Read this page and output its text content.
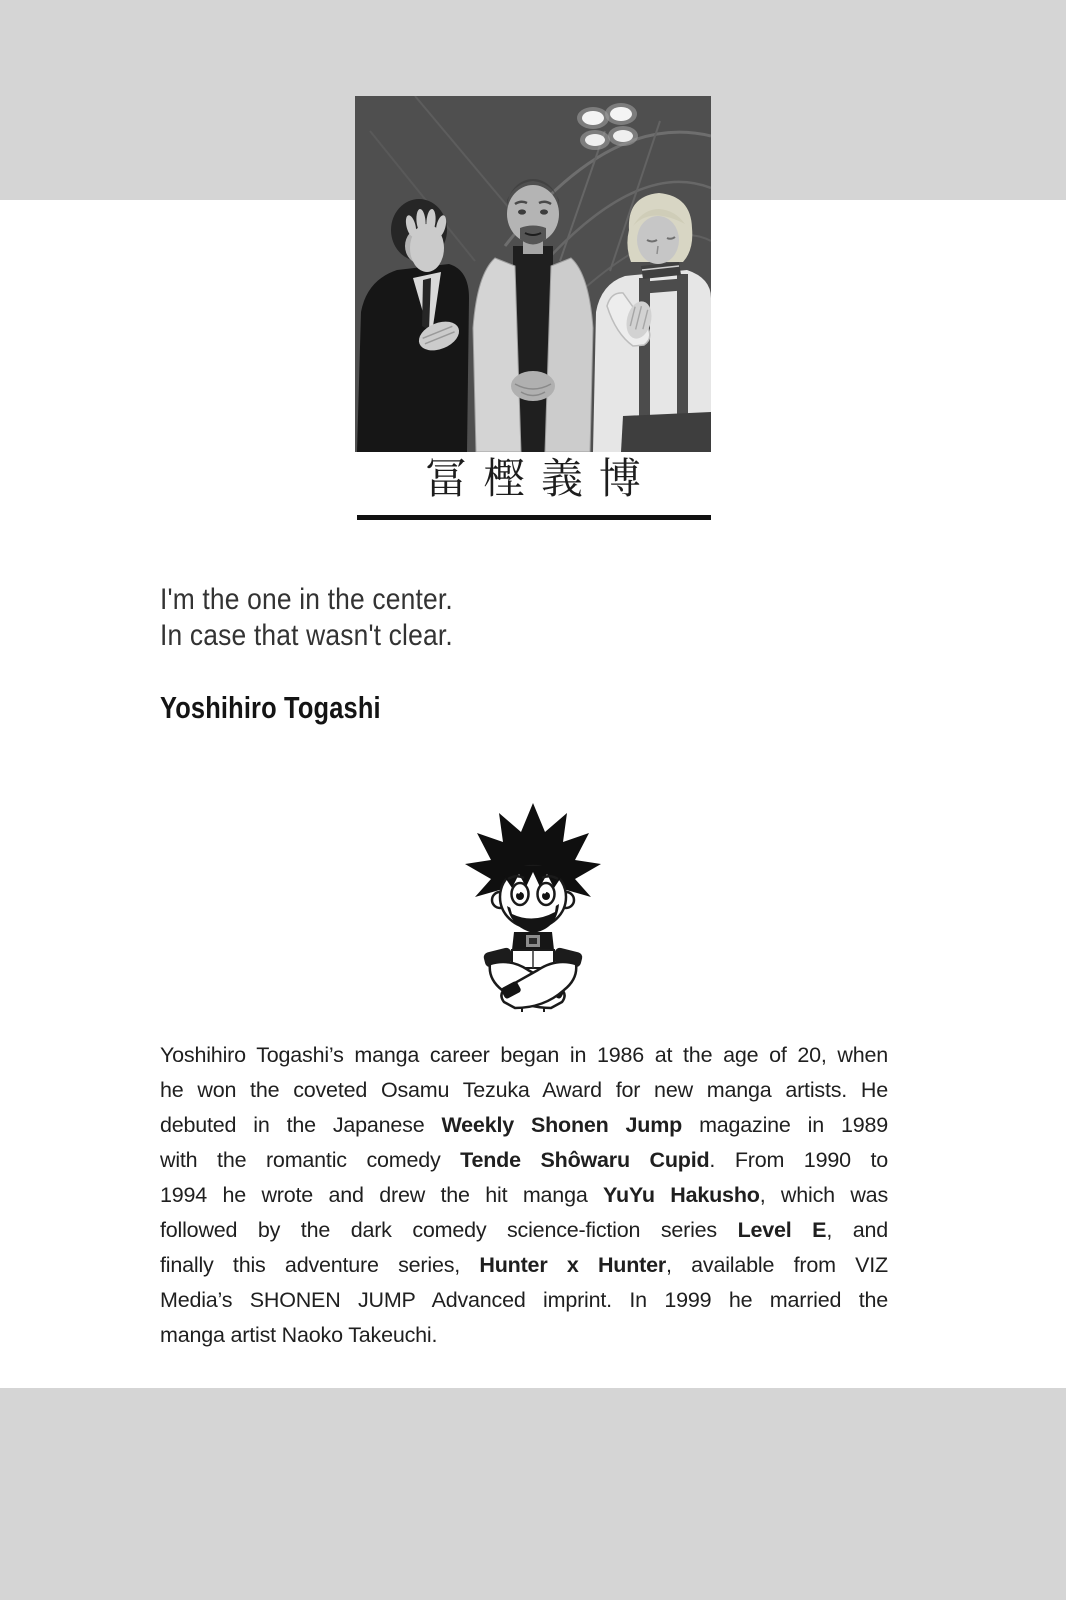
冨樫義博
I'm the one in the center.
In case that wasn't clear.
Yoshihiro Togashi
Yoshihiro Togashi’s manga career began in 1986 at the age of 20, when
he won the coveted Osamu Tezuka Award for new manga artists. He
debuted in the Japanese Weekly Shonen Jump magazine in 1989
with the romantic comedy Tende Shôwaru Cupid. From 1990 to
1994 he wrote and drew the hit manga YuYu Hakusho, which was
followed by the dark comedy science-fiction series Level E, and
finally this adventure series, Hunter x Hunter, available from VIZ
Media’s SHONEN JUMP Advanced imprint. In 1999 he married the
manga artist Naoko Takeuchi.
